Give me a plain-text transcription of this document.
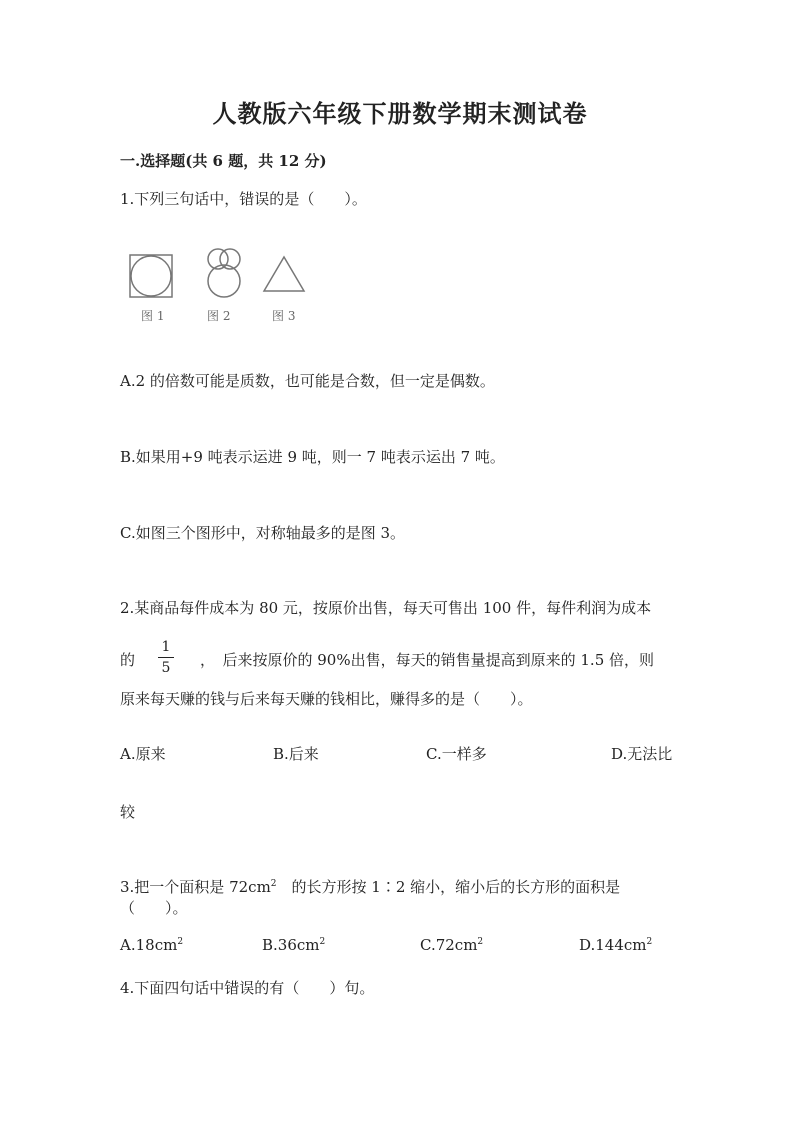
人教版六年级下册数学期末测试卷
一.选择题(共 6 题，共 12 分)
1.下列三句话中，错误的是（　　）。
图 1	图 2	图 3
A.2 的倍数可能是质数，也可能是合数，但一定是偶数。
B.如果用+9 吨表示运进 9 吨，则一 7 吨表示运出 7 吨。
C.如图三个图形中，对称轴最多的是图 3。
2.某商品每件成本为 80 元，按原价出售，每天可售出 100 件，每件利润为成本
的
1
5 ，　后来按原价的 90%出售，每天的销售量提高到原来的 1.5 倍，则
原来每天赚的钱与后来每天赚的钱相比，赚得多的是（　　）。
A.原来	B.后来	C.一样多	D.无法比
较
3.把一个面积是 $72cm^2$　的长方形按 1∶2 缩小，缩小后的长方形的面积是
（　　）。
$A.18cm^2$	$B.36cm^2$	$C.72cm^2$	$D.144cm^2$
4.下面四句话中错误的有（　　）句。
